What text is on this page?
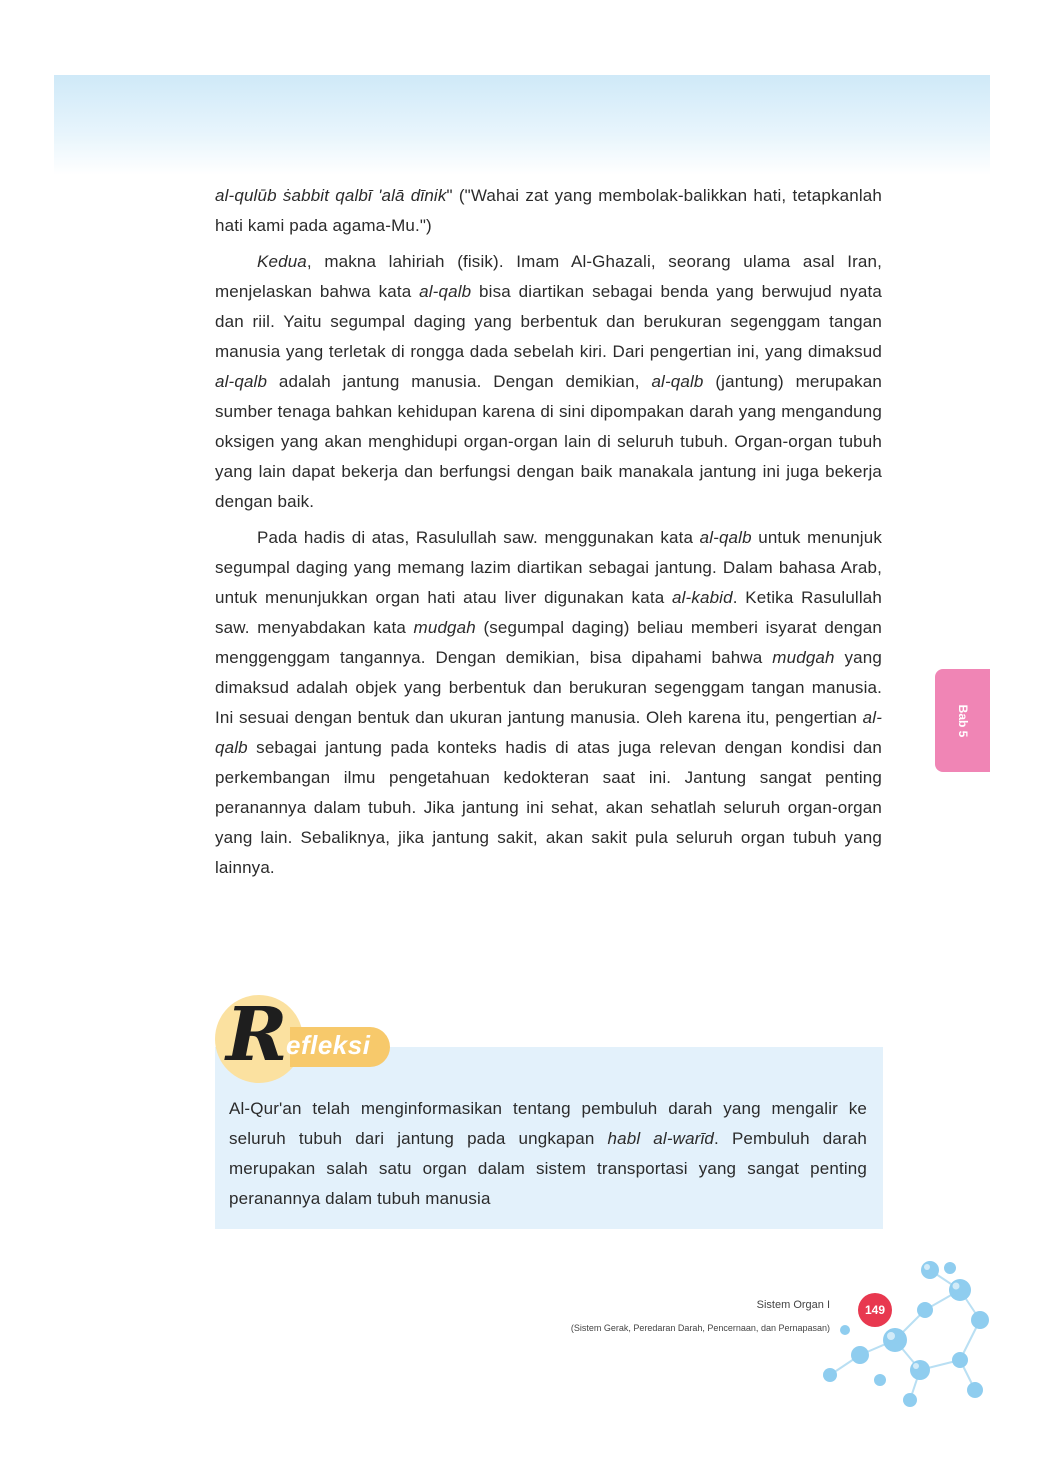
al-qulūb ṡabbit qalbī 'alā dīnik" ("Wahai zat yang membolak-balikkan hati, tetapkanlah hati kami pada agama-Mu.")

Kedua, makna lahiriah (fisik). Imam Al-Ghazali, seorang ulama asal Iran, menjelaskan bahwa kata al-qalb bisa diartikan sebagai benda yang berwujud nyata dan riil. Yaitu segumpal daging yang berbentuk dan berukuran segenggam tangan manusia yang terletak di rongga dada sebelah kiri. Dari pengertian ini, yang dimaksud al-qalb adalah jantung manusia. Dengan demikian, al-qalb (jantung) merupakan sumber tenaga bahkan kehidupan karena di sini dipompakan darah yang mengandung oksigen yang akan menghidupi organ-organ lain di seluruh tubuh. Organ-organ tubuh yang lain dapat bekerja dan berfungsi dengan baik manakala jantung ini juga bekerja dengan baik.

Pada hadis di atas, Rasulullah saw. menggunakan kata al-qalb untuk menunjuk segumpal daging yang memang lazim diartikan sebagai jantung. Dalam bahasa Arab, untuk menunjukkan organ hati atau liver digunakan kata al-kabid. Ketika Rasulullah saw. menyabdakan kata mudgah (segumpal daging) beliau memberi isyarat dengan menggenggam tangannya. Dengan demikian, bisa dipahami bahwa mudgah yang dimaksud adalah objek yang berbentuk dan berukuran segenggam tangan manusia. Ini sesuai dengan bentuk dan ukuran jantung manusia. Oleh karena itu, pengertian al-qalb sebagai jantung pada konteks hadis di atas juga relevan dengan kondisi dan perkembangan ilmu pengetahuan kedokteran saat ini. Jantung sangat penting peranannya dalam tubuh. Jika jantung ini sehat, akan sehatlah seluruh organ-organ yang lain. Sebaliknya, jika jantung sakit, akan sakit pula seluruh organ tubuh yang lainnya.

Bab 5
R
efleksi
Al-Qur'an telah menginformasikan tentang pembuluh darah yang mengalir ke seluruh tubuh dari jantung pada ungkapan habl al-warīd. Pembuluh darah merupakan salah satu organ dalam sistem transportasi yang sangat penting peranannya dalam tubuh manusia
Sistem Organ I
(Sistem Gerak, Peredaran Darah, Pencernaan, dan Pernapasan)
149
